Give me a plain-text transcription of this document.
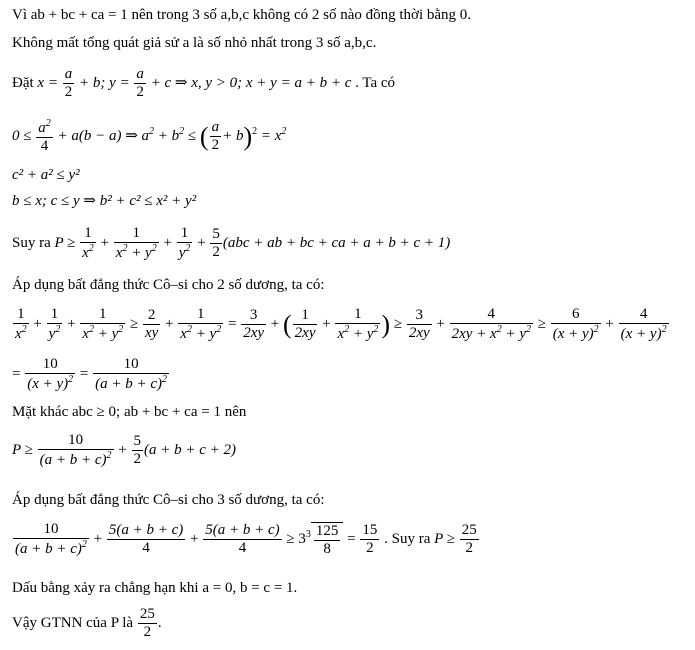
Vì ab + bc + ca = 1 nên trong 3 số a,b,c không có 2 số nào đồng thời bằng 0.
Không mất tổng quát giả sử a là số nhỏ nhất trong 3 số a,b,c.
Đặt $x = \frac{a}{2} + b$; $y = \frac{a}{2} + c$ ⇒ x, y > 0; x + y = a + b + c . Ta có
$0 \le \frac{a^2}{4} + a(b - a)$ ⇒ $a^2 + b^2$ ≤ ( $\frac{a}{2} + b)^2 = x^2$
c² + a² ≤ y²
b ≤ x; c ≤ y ⇒ b² + c² ≤ x² + y²
Suy ra $P \ge \frac{1}{x^2} + \frac{1}{x^2 + y^2} + \frac{1}{y^2} + \frac{5}{2} (abc$ + ab + bc + ca + a + b + c + 1)
Áp dụng bất đẳng thức Cô–si cho 2 số dương, ta có:
$\frac{1}{x^2} + \frac{1}{y^2} + \frac{1}{x^2 + y^2} \ge \frac{2}{xy} + \frac{1}{x^2 + y^2} = \frac{3}{2xy}$ + ( $\frac{1}{2xy} + \frac{1}{x^2 + y^2}$ ) ≥ $\frac{3}{2xy} + \frac{4}{2xy + x^2 + y^2} \ge \frac{6}{(x + y)^2} + \frac{4}{(x + y)^2}$
= $\frac{10}{(x + y)^2} = \frac{10}{(a + b + c)^2}$
Mặt khác abc ≥ 0; ab + bc + ca = 1 nên
$P \ge \frac{10}{(a + b + c)^2} + \frac{5}{2} (a + b + c + 2)$
Áp dụng bất đẳng thức Cô–si cho 3 số dương, ta có:
$\frac{10}{(a + b + c)^2} + \frac{5(a + b + c)}{4} + \frac{5(a + b + c)}{4} \ge 3^3 \frac{125}{8} = \frac{15}{2}$ . Suy ra $P \ge \frac{25}{2}$
Dấu bằng xảy ra chẳng hạn khi a = 0, b = c = 1.
Vậy GTNN của P là $\frac{25}{2}$ .
